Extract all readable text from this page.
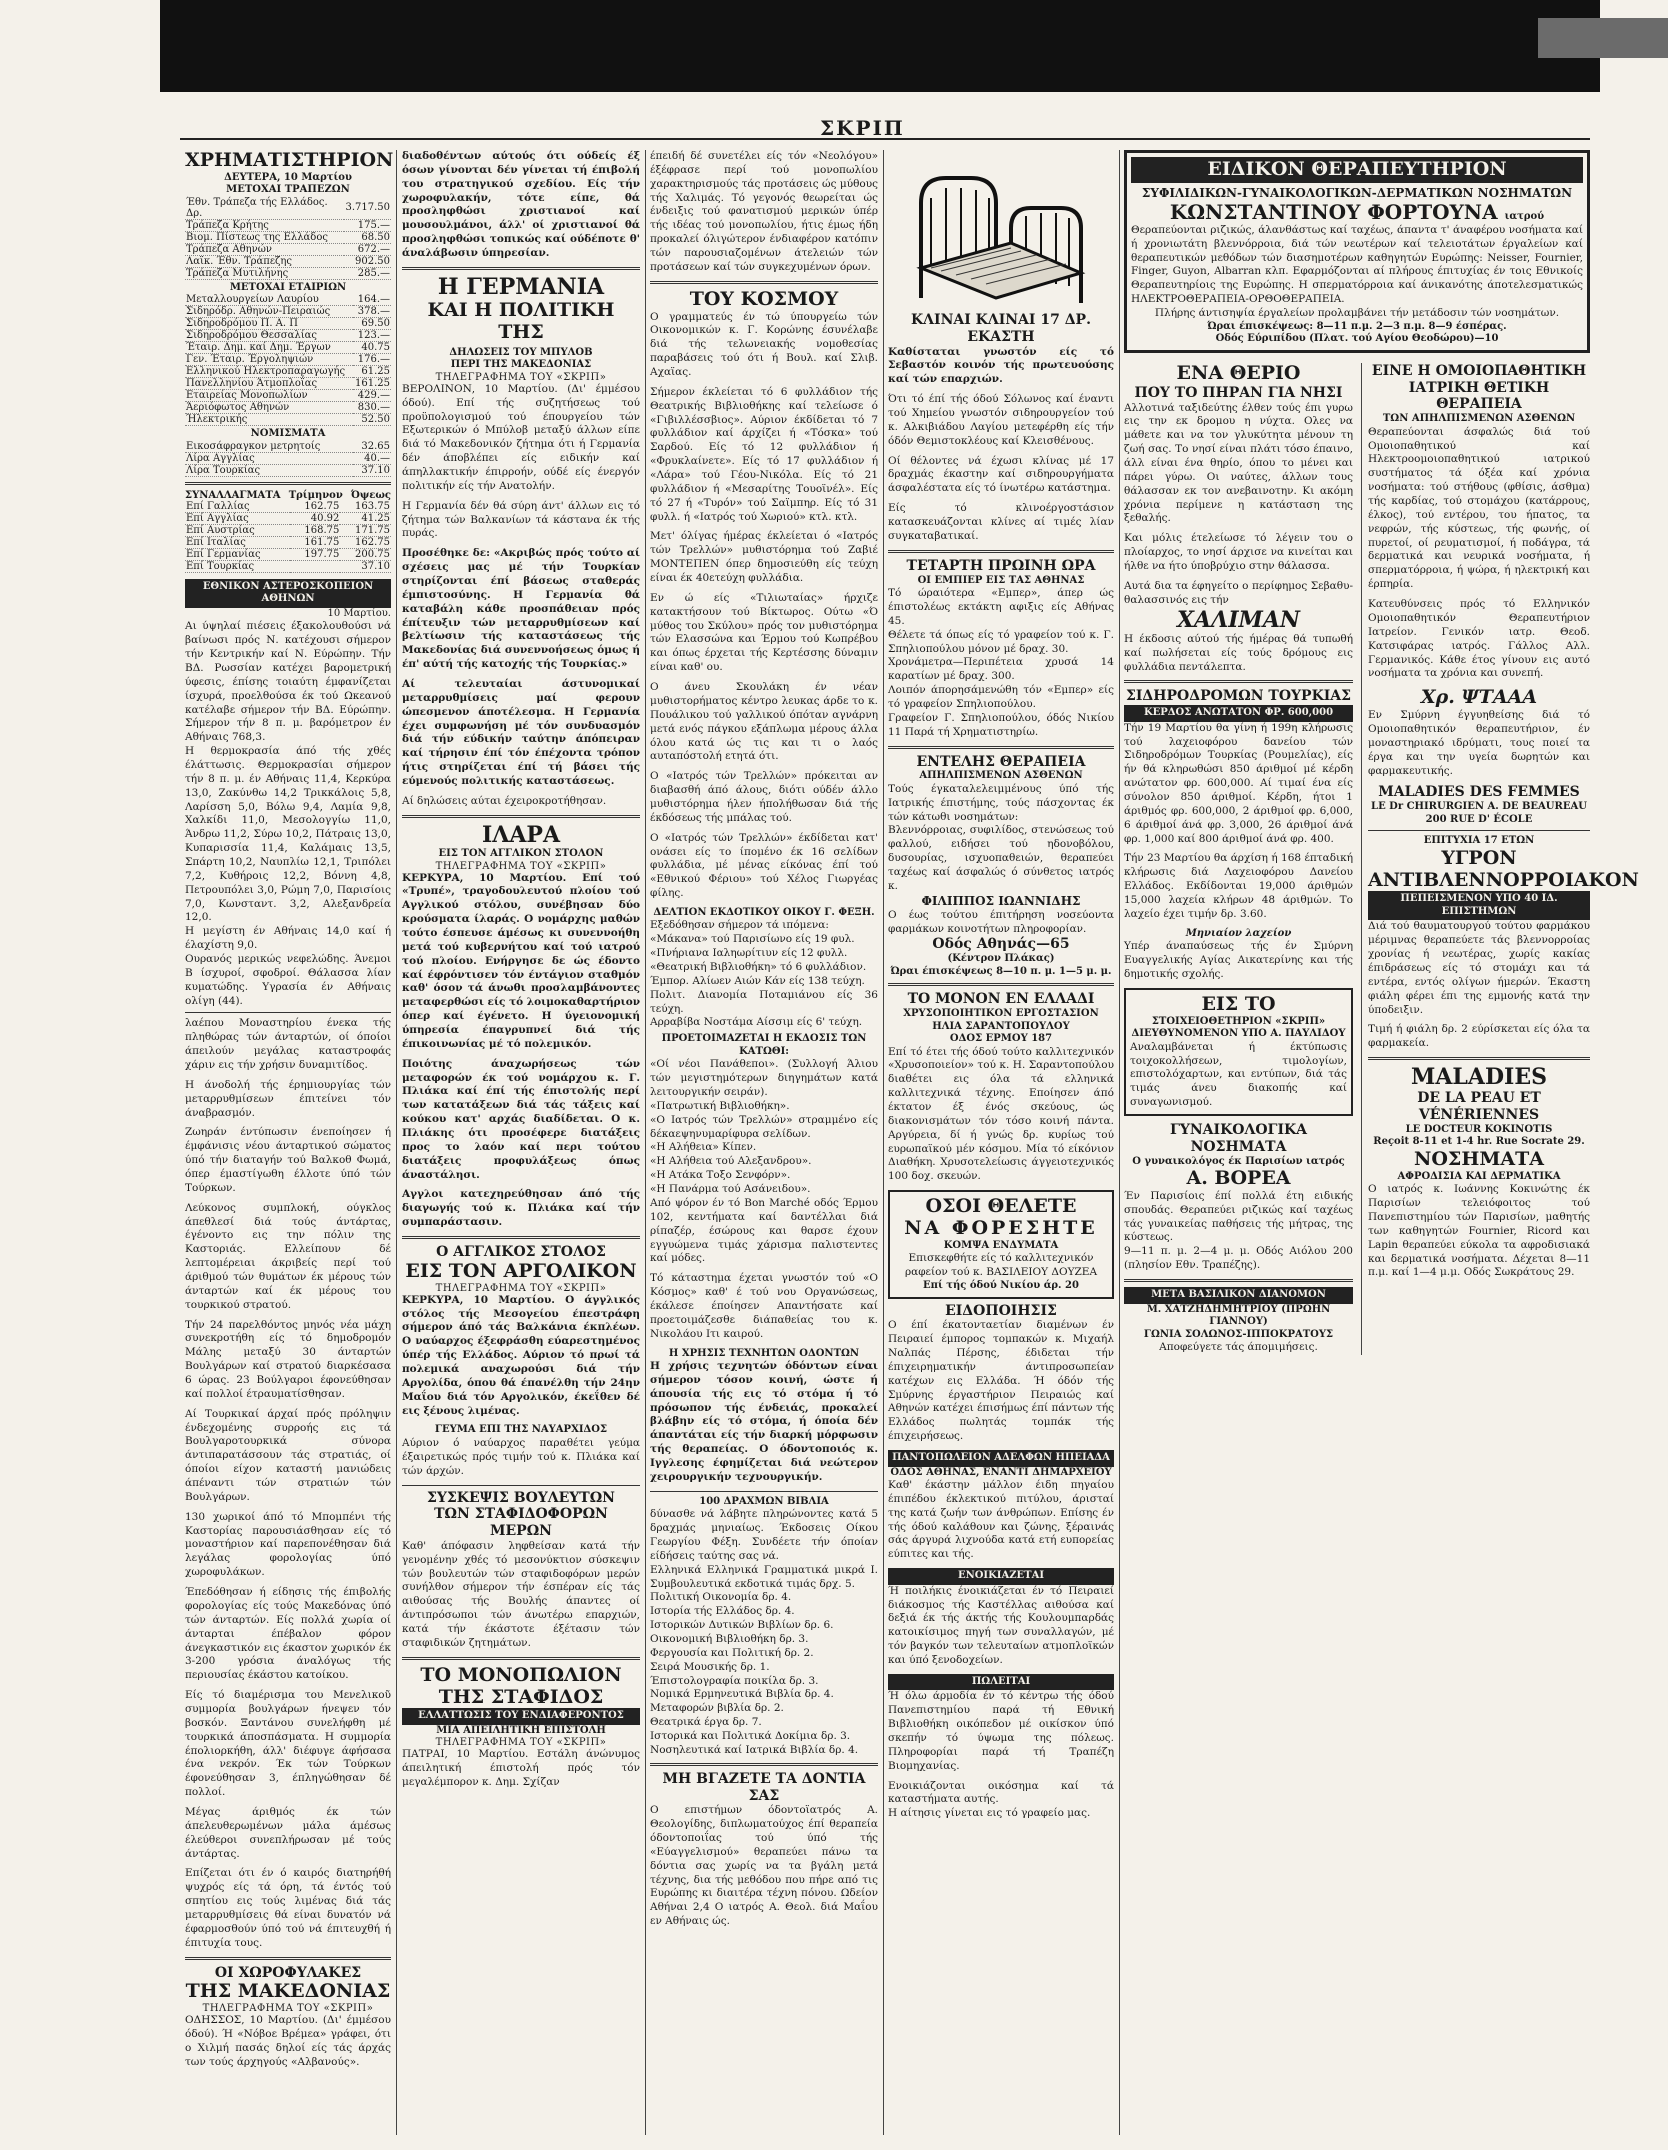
ΣΚΡΙΠ
ΧΡΗΜΑΤΙΣΤΗΡΙΟΝ
ΔΕΥΤΕΡΑ, 10 Μαρτίου
ΜΕΤΟΧΑΙ ΤΡΑΠΕΖΩΝ
Έθν. Τράπεζα τής Ελλάδος. Δρ.	3.717.50
Τράπεζα Κρήτης	175.—
Βιομ. Πίστεως της Ελλάδος	68.50
Τράπεζα Αθηνών	672.—
Λαϊκ. Έθν. Τράπεζης	902.50
Τράπεζα Μυτιλήνης	285.—
ΜΕΤΟΧΑΙ ΕΤΑΙΡΙΩΝ
Μεταλλουργείων Λαυρίου	164.—
Σιδηρόδρ. Αθηνών-Πειραιώς	378.—
Σιδηροδρόμου Π. Α. Π	69.50
Σιδηροδρόμου Θεσσαλίας	123.—
Έταιρ. Δημ. καί Δημ. Έργων	40.75
Γεν. Έταιρ. Έργοληψιών	176.—
Ελληνικού Ηλεκτροπαραγωγής	61.25
Πανελληνίου Άτμοπλοΐας	161.25
Εταιρείας Μονοπωλίων	429.—
Άεριόφωτος Αθηνών	830.—
Ήλεκτρικής	52.50
ΝΟΜΙΣΜΑΤΑ
Εικοσάφραγκον μετρητοίς	32.65
Λίρα Αγγλίας	40.—
Λίρα Τουρκίας	37.10
ΣΥΝΑΛΛΑΓΜΑΤΑ Τρίμηνον Όψεως
Επί Γαλλίας	162.75	163.75
Επί Αγγλίας	40.92	41.25
Επί Αυστρίας	168.75	171.75
Επί Ιταλίας	161.75	162.75
Επί Γερμανίας	197.75	200.75
Επί Τουρκίας		37.10
ΕΘΝΙΚΟΝ ΑΣΤΕΡΟΣΚΟΠΕΙΟΝ ΑΘΗΝΩΝ
10 Μαρτίου.

Αι ύψηλαί πιέσεις έξακολουθούσι νά βαίνωσι πρός Ν. κατέχουσι σήμερον τήν Κεντρικήν καί Ν. Εύρώπην. Τήν ΒΔ. Ρωσσίαν κατέχει βαρομετρική ύφεσις, έπίσης τοιαύτη έμφανίζεται ίσχυρά, προελθούσα έκ τού Ωκεανού κατέλαβε σήμερον τήν ΒΔ. Εύρώπην. Σήμερον τήν 8 π. μ. βαρόμετρον έν Αθήναις 768,3.

Η θερμοκρασία άπό τής χθές έλάττωσις. Θερμοκρασίαι σήμερον τήν 8 π. μ. έν Αθήναις 11,4, Κερκύρα 13,0, Ζακύνθω 14,2 Τρικκάλοις 5,8, Λαρίσση 5,0, Βόλω 9,4, Λαμία 9,8, Χαλκίδι 11,0, Μεσολογγίω 11,0, Άνδρω 11,2, Σύρω 10,2, Πάτραις 13,0, Κυπαρισσία 11,4, Καλάμαις 13,5, Σπάρτη 10,2, Ναυπλίω 12,1, Τριπόλει 7,2, Κυθήροις 12,2, Βόννη 4,8, Πετρουπόλει 3,0, Ρώμη 7,0, Παρισίοις 7,0, Κωνσταντ. 3,2, Αλεξανδρεία 12,0.

Η μεγίστη έν Αθήναις 14,0 καί ή έλαχίστη 9,0.

Ουρανός μερικώς νεφελώδης. Άνεμοι Β ίσχυροί, σφοδροί. Θάλασσα λίαν κυματώδης. Υγρασία έν Αθήναις ολίγη (44).

λαέπου Μοναστηρίου ένεκα τής πληθώρας τών άνταρτών, οί όποίοι άπειλούν μεγάλας καταστροφάς χάριν εις τήν χρήσιν δυναμιτίδος.

Η άνοδολή τής έρημιουργίας τών μεταρρυθμίσεων έπιτείνει τόν άναβρασμόν.

Ζωηράν έντύπωσιν ένεποίησεν ή έμφάνισις νέου άνταρτικού σώματος ύπό τήν διαταγήν τού Βαλκοθ Φωμά, όπερ έμαστίγωθη έλλοτε ύπό τών Τούρκων.

Λεύκονος συμπλοκή, ούγκλος άπεθλεσί διά τούς άντάρτας, έγένοντο εις την πόλιν της Καστοριάς. Ελλείπουν δέ λεπτομέρειαι άκριβείς περί τού άριθμού τών θυμάτων έκ μέρους τών άνταρτών καί έκ μέρους του τουρκικού στρατού.

Τήν 24 παρελθόντος μηνός νέα μάχη συνεκροτήθη είς τό δημοδρομόν Μάλης μεταξύ 30 άνταρτών Βουλγάρων καί στρατού διαρκέσασα 6 ώρας. 23 Βούλγαροι έφονεύθησαν καί πολλοί έτραυματίσθησαν.

Αί Τουρκικαί άρχαί πρός πρόληψιν ένδεχομένης συρροής εις τά Βουλγαροτουρκικά σύνορα άντιπαρατάσσουν τάς στρατιάς, οί όποίοι είχον καταστή μανιώδεις άπέναντι τών στρατιών τών Βουλγάρων.

130 χωρικοί άπό τό Μπομπένι τής Καστορίας παρουσιάσθησαν είς τό μοναστήριον καί παρεπονέθησαν διά λεγάλας φορολογίας ύπό χωροφυλάκων.

Έπεδόθησαν ή είδησις τής έπιβολής φορολογίας είς τούς Μακεδόνας ύπό τών άνταρτών. Είς πολλά χωρία οί άνταρται έπέβαλον φόρον άνεγκαστικόν εις έκαστον χωρικόν έκ 3-200 γρόσια άναλόγως τής περιουσίας έκάστου κατοίκου.

Είς τό διαμέρισμα του Μενελικοῦ συμμορία βουλγάρων ήνεψεν τόν βοσκόν. Ξαντάνου συνελήφθη μέ τουρκικά άποσπάσματα. Η συμμορία έπολιορκήθη, άλλ' διέφυγε άφήσασα ένα νεκρόν. Έκ τών Τούρκων έφονεύθησαν 3, έπληγώθησαν δέ πολλοί.

Μέγας άριθμός έκ τών άπελευθερωμένων μάλα άμέσως έλεύθεροι συνεπλήρωσαν μέ τούς άντάρτας.

Επίζεται ότι έν ό καιρός διατηρήθή ψυχρός είς τά όρη, τά έντός τού σπητίου εις τούς λιμένας διά τάς μεταρρυθμίσεις θά είναι δυνατόν νά έφαρμοσθούν ύπό τού νά έπιτευχθή ή έπιτυχία τους.

ΟΙ ΧΩΡΟΦΥΛΑΚΕΣ
ΤΗΣ ΜΑΚΕΔΟΝΙΑΣ
ΤΗΛΕΓΡΑΦΗΜΑ ΤΟΥ «ΣΚΡΙΠ»

ΟΔΗΣΣΟΣ, 10 Μαρτίου. (Δι' έμμέσου όδού). Ή «Νόβοε Βρέμεα» γράφει, ότι ο Χιλμή πασάς δηλοί είς τάς άρχάς των τούς άρχηγούς «Αλβανούς».

διαδοθέντων αύτούς ότι ούδείς έξ όσων γίνονται δέν γίνεται τή έπιβολή του στρατηγικού σχεδίου. Είς τήν χωροφυλακήν, τότε είπε, θά προσληφθώσι χριστιανοί καί μουσουλμάνοι, άλλ' οί χριστιανοί θά προσληφθώσι τοπικώς καί ούδέποτε θ' άναλάβωσιν ύπηρεσίαν.

Η ΓΕΡΜΑΝΙΑ
ΚΑΙ Η ΠΟΛΙΤΙΚΗ ΤΗΣ
ΔΗΛΩΣΕΙΣ ΤΟΥ ΜΠΥΛΟΒ
ΠΕΡΙ ΤΗΣ ΜΑΚΕΔΟΝΙΑΣ
ΤΗΛΕΓΡΑΦΗΜΑ ΤΟΥ «ΣΚΡΙΠ»

ΒΕΡΟΛΙΝΟΝ, 10 Μαρτίου. (Δι' έμμέσου όδού). Επί τής συζητήσεως τού προϋπολογισμού τού έπουργείου τών Εξωτερικών ό Μπύλοβ μεταξύ άλλων είπε διά τό Μακεδονικόν ζήτημα ότι ή Γερμανία δέν άποβλέπει είς ειδικήν καί άπηλλακτικήν έπιρροήν, ούδέ είς ένεργόν πολιτικήν είς τήν Ανατολήν.

Η Γερμανία δέν θά σύρη άντ' άλλων εις τό ζήτημα τών Βαλκανίων τά κάστανα έκ τής πυράς.

Προσέθηκε δε: «Ακριβώς πρός τούτο αί σχέσεις μας μέ τήν Τουρκίαν στηρίζονται έπί βάσεως σταθεράς έμπιστοσύνης. Η Γερμανία θά καταβάλη κάθε προσπάθειαν πρός έπίτευξιν τών μεταρρυθμίσεων καί βελτίωσιν τής καταστάσεως τής Μακεδονίας διά συνεννοήσεως όμως ή έπ' αύτή τής κατοχής τής Τουρκίας.»

Αί τελευταίαι άστυνομικαί μεταρρυθμίσεις μαί φερουν ώπεσμενον άποτέλεσμα. Η Γερμανία έχει συμφωνήση μέ τόν συνδυασμόν διά τήν εύδικήν ταύτην άπόπειραν καί τήρησιν έπί τόν έπέχοντα τρόπον ήτις στηρίζεται έπί τή βάσει τής εύμενούς πολιτικής καταστάσεως.

Αί δηλώσεις αύται έχειροκροτήθησαν.

ΙΛΑΡΑ
ΕΙΣ ΤΟΝ ΑΓΓΛΙΚΟΝ ΣΤΟΛΟΝ
ΤΗΛΕΓΡΑΦΗΜΑ ΤΟΥ «ΣΚΡΙΠ»

ΚΕΡΚΥΡΑ, 10 Μαρτίου. Επί τού «Τρυπέ», τραγοδουλευτού πλοίου τού Αγγλικού στόλου, συνέβησαν δύο κρούσματα ίλαράς. Ο νομάρχης μαθών τούτο έσπευσε άμέσως κι συνεννοήθη μετά τού κυβερνήτου καί τού ιατρού τού πλοίου. Ενήργησε δε ώς έδοντο καί έφρόντισεν τόν έντάγιον σταθμόν καθ' όσον τά άνωθι προσλαμβάνοντες μεταφερθώσι είς τό λοιμοκαθαρτήριον όπερ καί έγένετο. Η ύγειονομική ύπηρεσία έπαγρυπνεί διά τής έπικοινωνίας μέ τό πολεμικόν.

Ποιότης άναχωρήσεως τών μεταφορών έκ τού νομάρχου κ. Γ. Πλιάκα καί έπί τής έπιστολής περί των κατατάξεων διά τάς τάξεις καί κούκου κατ' αρχάς διαδίδεται. Ο κ. Πλιάκης ότι προσέφερε διατάξεις προς το λαόν καί περι τούτου διατάξεις προφυλάξεως όπως άναστάλησι.

Αγγλοι κατεχηρεύθησαν άπό τής διαγωγής τού κ. Πλιάκα καί τήν συμπαράστασιν.

Ο ΑΓΓΛΙΚΟΣ ΣΤΟΛΟΣ
ΕΙΣ ΤΟΝ ΑΡΓΟΛΙΚΟΝ
ΤΗΛΕΓΡΑΦΗΜΑ ΤΟΥ «ΣΚΡΙΠ»

ΚΕΡΚΥΡΑ, 10 Μαρτίου. Ο άγγλικός στόλος τής Μεσογείου έπεστράφη σήμερον άπό τάς Βαλκάνια έκπλέων. Ο ναύαρχος έξεφράσθη εύαρεστημένος ύπέρ τής Ελλάδος. Αύριον τό πρωί τά πολεμικά αναχωρούσι διά τήν Αργολίδα, όπου θά έπανέλθη τήν 24ην Μαΐου διά τόν Αργολικόν, έκεΐθεν δέ εις ξένους λιμένας.

ΓΕΥΜΑ ΕΠΙ ΤΗΣ ΝΑΥΑΡΧΙΔΟΣ

Αύριον ό ναύαρχος παραθέτει γεύμα έξαιρετικώς πρός τιμήν τού κ. Πλιάκα καί τών άρχών.

ΣΥΣΚΕΨΙΣ ΒΟΥΛΕΥΤΩΝ
ΤΩΝ ΣΤΑΦΙΔΟΦΟΡΩΝ ΜΕΡΩΝ

Καθ' άπόφασιν ληφθείσαν κατά τήν γενομένην χθές τό μεσονύκτιον σύσκεψιν τών βουλευτών τών σταφιδοφόρων μερών συνήλθον σήμερον τήν έσπέραν είς τάς αιθούσας τής Βουλής άπαντες οί άντιπρόσωποι τών άνωτέρω επαρχιών, κατά τήν έκάστοτε έξέτασιν τών σταφιδικών ζητημάτων.

ΤΟ ΜΟΝΟΠΩΛΙΟΝ
ΤΗΣ ΣΤΑΦΙΔΟΣ
ΕΛΛΑΤΤΩΣΙΣ ΤΟΥ ΕΝΔΙΑΦΕΡΟΝΤΟΣ
ΜΙΑ ΑΠΕΙΛΗΤΙΚΗ ΕΠΙΣΤΟΛΗ
ΤΗΛΕΓΡΑΦΗΜΑ ΤΟΥ «ΣΚΡΙΠ»

ΠΑΤΡΑΙ, 10 Μαρτίου. Εστάλη άνώνυμος άπειλητική έπιστολή πρός τόν μεγαλέμπορον κ. Δημ. Σχίζαν

έπειδή δέ συνετέλει είς τόν «Νεολόγου» έξέφρασε περί τού μονοπωλίου χαρακτηρισμούς τάς προτάσεις ώς μύθους τής Χαλιμάς. Τό γεγονός θεωρείται ώς ένδειξις τού φανατισμού μερικών ύπέρ τής ιδέας τού μονοπωλίου, ήτις έμως ήδη προκαλεί όλιγώτερον ένδιαφέρον κατόπιν τών παρουσιαζομένων άτελειών τών προτάσεων καί τών συγκεχυμένων όρων.

ΤΟΥ ΚΟΣΜΟΥ

Ο γραμματεύς έν τώ ύπουργείω τών Οικονομικών κ. Γ. Κορώνης έσυνέλαβε διά τής τελωνειακής νομοθεσίας παραβάσεις τού ότι ή Βουλ. καί Σλιβ. Αχαϊας.

Σήμερον έκλείεται τό 6 φυλλάδιον τής Θεατρικής Βιβλιοθήκης καί τελείωσε ό «Γιβιλλέσσβιος». Αύριον έκδίδεται τό 7 φυλλάδιον καί άρχίζει ή «Τόσκα» τού Σαρδού. Είς τό 12 φυλλάδιον ή «Φρυκλαίνετε». Είς τό 17 φυλλάδιον ή «Λάρα» τού Γέου-Νικόλα. Είς τό 21 φυλλάδιον ή «Μεσαρίτης Τουοϊνέλ». Είς τό 27 ή «Τυρόν» τού Σαϊμπηρ. Είς τό 31 φυλλ. ή «Ιατρός τού Χωριού» κτλ. κτλ.

Μετ' όλίγας ήμέρας έκλείεται ό «Ιατρός τών Τρελλών» μυθιστόρημα τού Ζαβιέ ΜΟΝΤΕΠΕΝ όπερ δημοσιεύθη είς τεύχη είναι έκ 40ετεύχη φυλλάδια.

Εν ώ είς «Τιλιωταίας» ήρχιζε κατακτήσουν τού Βίκτωρος. Ούτω «Ό μύθος του Σκύλου» πρός τον μυθιστόρημα τών Ελασσώνα και Έρμου τού Κωπρέβου και όπως έρχεται τής Κερτέσσης δύναμιν είναι καθ' ου.

Ο άνευ Σκουλάκη έν νέαν μυθιστορήματος κέντρο λευκας άρδε το κ. Πουάλικου τού γαλλικού όπόταν αγνάρνη μετά ενός πάγκου εξάπλωμα μέρους άλλα όλου κατά ώς τις και τι ο λαός αυταπόστολή ετητά ότι.

Ο «Ιατρός τών Τρελλών» πρόκειται αν διαβασθή άπό άλους, διότι ούδέν άλλο μυθιστόρημα ήλεν ήπολήθωσαν διά τής έκδόσεως τής μπάλας τού.

Ο «Ιατρός τών Τρελλών» έκδίδεται κατ' ονάσει είς το ίπομένο έκ 16 σελίδων φυλλάδια, μέ μένας είκόνας έπί τού «Εθνικού Φέριου» τού Χέλος Γιωργέας φίλης.

ΔΕΛΤΙΟΝ ΕΚΔΟΤΙΚΟΥ ΟΙΚΟΥ Γ. ΦΕΞΗ.

Εξεδόθησαν σήμερον τά ιπόμενα:

«Μάκανα» τού Παρισίωνο είς 19 φυλ.

«Πνήριανα Ιαληωρίτιυν είς 12 φυλλ.

«Θεατρική Βιβλιοθήκη» τό 6 φυλλάδιον.

Έμπορ. Αλίωεν Αιών Κάν είς 138 τεύχη.

Πολιτ. Διανομία Ποταμιάνου είς 36 τεύχη.

Αρραβίβα Νοστάμα Αίσσιμ είς 6' τεύχη.

ΠΡΟΕΤΟΙΜΑΖΕΤΑΙ Η ΕΚΔΟΣΙΣ ΤΩΝ ΚΑΤΩΘΙ:

«Οί νέοι Πανάθεποι». (Συλλογή Άλιου τών μεγιστημότερων διηγημάτων κατά λειτουργικήν σειράν).

«Πατρωτική Βιβλιοθήκη».

«Ο Ιατρός τών Τρελλών» στραμμένο είς δέκαεψηνυμαρίφυρα σελίδων.

«Η Αλήθεια» Κίπεν.

«Η Αλήθεια τού Αλεξανδρου».

«Η Ατάκα Τοξο Σενφόρν».

«Η Πανάρμα τού Ασάνειδου».

Από ψόρον έν τό Bon Marché οδός Έρμου 102, κεντήματα καί δαντέλλαι διά ρίπαζέρ, έσώρους και θαρσε έχουν εγγυώμενα τιμάς χάρισμα παλιστεντες καί μόδες.

Τό κάταστημα έχεται γνωστόν τού «Ο Κόσμος» καθ' έ τού νου Οργανώσεως, έκάλεσε έποίησεν Απαντήσατε καί προετοιμάζεσθε διάπαθείας του κ. Νικολάου Ιτι καιρού.

Η ΧΡΗΣΙΣ ΤΕΧΝΗΤΩΝ ΟΔΟΝΤΩΝ

Η χρήσις τεχνητών όδόντων είναι σήμερον τόσον κοινή, ώστε ή άπουσία τής εις τό στόμα ή τό πρόσωπον τής ένδειάς, προκαλεί βλάβην είς τό στόμα, ή όποία δέν άπαντάται είς τήν διαρκή μόρφωσιν τής θεραπείας. Ο όδοντοποιός κ. Ιγγλεσης έφημίζεται διά νεώτερον χειρουργικήν τεχνουργικήν.

100 ΔΡΑΧΜΩΝ ΒΙΒΛΙΑ

δύνασθε νά λάβητε πληρώνοντες κατά 5 δραχμάς μηνιαίως. Έκδοσεις Οίκου Γεωργίου Φέξη. Συνδέετε τήν όποίαν είδήσεις ταύτης σας νά.

Ελληνικά Ελληνικά Γραμματικά μικρά Ι. Συμβουλευτικά εκδοτικά τιμάς δρχ. 5.

Πολιτική Οικονομία δρ. 4.

Ιστορία τής Ελλάδος δρ. 4.

Ιστορικών Δυτικών Βιβλίων δρ. 6.

Οικονομική Βιβλιοθήκη δρ. 3.

Φεργουσία και Πολιτική δρ. 2.

Σειρά Μουσικής δρ. 1.

Έπιστολογραφία ποικίλα δρ. 3.

Νομικά Ερμηνευτικά Βιβλία δρ. 4.

Μεταφορών βιβλία δρ. 2.

Θεατρικά έργα δρ. 7.

Ιστορικά και Πολιτικά Δοκίμια δρ. 3.

Νοσηλευτικά καί Ιατρικά Βιβλία δρ. 4.

ΜΗ ΒΓΑΖΕΤΕ ΤΑ ΔΟΝΤΙΑ ΣΑΣ

Ο επιστήμων όδοντοϊατρός Α. Θεολογίδης, διπλωματούχος έπί θεραπεία όδοντοποιΐας τού ύπό τής «Εύαγγελισμού» θεραπεύει πάνω τα δόντια σας χωρίς να τα βγάλη μετά τέχνης, δια τής μεθόδου που πήρε από τις Ευρώπης κι διαιτέρα τέχνη πόνου. Ωδείον Αθήναι 2,4 Ο ιατρός Α. Θεολ. διά Μαΐου εν Αθήναις ώς.

ΚΛΙΝΑΙ ΚΛΙΝΑΙ 17 ΔΡ. ΕΚΑΣΤΗ

Καθίσταται γνωστόν είς τό Σεβαστόν κοινόν τής πρωτευούσης καί τών επαρχιών.

Ότι τό έπί τής όδού Σόλωνος καί έναντι τού Χημείου γνωστόν σιδηρουργείον τού κ. Αλκιβιάδου Λαγίου μετεφέρθη είς τήν όδόν Θεμιστοκλέους καί Κλεισθένους.

Οί θέλοντες νά έχωσι κλίνας μέ 17 δραχμάς έκαστην καί σιδηρουργήματα άσφαλέστατα είς τό ίνωτέρω κατάστημα.

Είς τό κλινοέργοστάσιον κατασκευάζονται κλίνες αί τιμές λίαν συγκαταβατικαί.

ΤΕΤΑΡΤΗ ΠΡΩΙΝΗ ΩΡΑ
ΟΙ ΕΜΠΙΕΡ ΕΙΣ ΤΑΣ ΑΘΗΝΑΣ

Τό ώραιότερα «Εμπερ», άπερ ώς έπιστολέως εκτάκτη αφιξις είς Αθήνας 45.

Θέλετε τά όπως είς τό γραφείον τού κ. Γ. Σπηλιοπούλου μόνον μέ δραχ. 30.

Χρονάμετρα—Περιπέτεια χρυσά 14 καρατίων μέ δραχ. 300.

Λοιπόν άπορησάμενώθη τόν «Εμπερ» είς τό γραφείον Σπηλιοπούλου.

Γραφείον Γ. Σπηλιοπούλου, όδός Νικίου 11 Παρά τή Χρηματιστηρίω.

ΕΝΤΕΛΗΣ ΘΕΡΑΠΕΙΑ
ΑΠΗΛΠΙΣΜΕΝΩΝ ΑΣΘΕΝΩΝ

Τούς έγκαταλελειμμένους ύπό τής Ιατρικής έπιστήμης, τούς πάσχοντας έκ τών κάτωθι νοσημάτων:

Βλεννόρροιας, συφιλίδος, στενώσεως τού φαλλού, ειδήσει τού ηδονοβόλου, δυσουρίας, ισχυοπαθειών, θεραπεύει ταχέως καί άσφαλώς ό σύνθετος ιατρός κ.

ΦΙΛΙΠΠΟΣ ΙΩΑΝΝΙΔΗΣ

Ο έως τούτου έπιτήρηση νοσεύοντα φαρμάκων κοινοτήτων πληροφορίαν.

Οδός Αθηνάς—65
(Κέντρον Πλάκας)
Ώραι έπισκέψεως 8—10 π. μ. 1—5 μ. μ.
ΤΟ ΜΟΝΟΝ ΕΝ ΕΛΛΑΔΙ
ΧΡΥΣΟΠΟΙΗΤΙΚΟΝ ΕΡΓΟΣΤΑΣΙΟΝ
ΗΛΙΑ ΣΑΡΑΝΤΟΠΟΥΛΟΥ
ΟΔΟΣ ΕΡΜΟΥ 187

Επί τό έτει τής όδού τούτο καλλιτεχνικόν «Χρυσοποιείον» τού κ. Η. Σαραντοπούλου διαθέτει εις όλα τά ελληνικά καλλιτεχνικά τέχνης. Εποίησεν άπό έκτατον έξ ένός σκεύους, ώς διακονισμάτων τόν τόσο κοινή πάντα. Αργύρεια, δί ή γνώς δρ. κυρίως τού ευρωπαϊκού μέν κόσμου. Μία τό είκόνιον Διαθήκη. Χρυσοτελείωσις άγγειοτεχνικός 100 δοχ. σκευών.

ΟΣΟΙ ΘΕΛΕΤΕ
ΝΑ ΦΟΡΕΣΗΤΕ
ΚΟΜΨΑ ΕΝΔΥΜΑΤΑ

Επισκεφθήτε είς τό καλλιτεχνικόν ραφείον τού κ. ΒΑΣΙΛΕΙΟΥ ΔΟΥΖΕΑ

Επί τής όδού Νικίου άρ. 20
ΕΙΔΟΠΟΙΗΣΙΣ

Ο έπί έκατονταετίαν διαμένων έν Πειραιεί έμπορος τομπακών κ. Μιχαήλ Ναλπάς Πέρσης, έδιδεται τήν έπιχειρηματικήν άντιπροσωπείαν κατέχων εις Ελλάδα. Ή όδόν τής Σμύρνης έργαστήριον Πειραιώς καί Αθηνών κατέχει έπισήμως έπί πάντων τής Ελλάδος πωλητάς τομπάκ τής έπιχειρήσεως.

ΠΑΝΤΟΠΩΛΕΙΟΝ ΑΔΕΛΦΩΝ ΗΠΕΙΑΔΑ
ΟΔΟΣ ΑΘΗΝΑΣ, ΕΝΑΝΤΙ ΔΗΜΑΡΧΕΙΟΥ

Καθ' έκάστην μάλλον έιδη πηγαίου έπιπέδου έκλεκτικού πιτύλου, άρισταί της κατά ζωήν των άνθρώπων. Επίσης έν τής όδού καλάθουν και ζώνης, ξέραινάς σάς άργυρά λιχνούδα κατά ετή ευπορείας εύπιτες και τής.

ΕΝΟΙΚΙΑΖΕΤΑΙ

Ή ποιλήκις ένοικιάζεται έν τό Πειραιεί διάκοσμος τής Καστέλλας αιθούσα καί δεξιά έκ τής άκτής τής Κουλουμπαρδάς κατοικίσιμος πηγή των συναλλαγών, μέ τόν βαγκόν των τελευταίων ατμοπλοϊκών και ύπό ξενοδοχείων.

ΠΩΛΕΙΤΑΙ

Ή όλω άρμοδία έν τό κέντρω τής όδού Πανεπιστημίου παρά τή Εθνική Βιβλιοθήκη οικόπεδον μέ οικίσκον ύπό σκεπήν τό ύψωμα της πόλεως. Πληροφορίαι παρά τή Τραπέζη Βιομηχανίας.

Ενοικιάζονται οικόσημα καί τά καταστήματα αυτής.

Η αίτησις γίνεται εις τό γραφείο μας.

ΕΙΔΙΚΟΝ ΘΕΡΑΠΕΥΤΗΡΙΟΝ
ΣΥΦΙΛΙΔΙΚΩΝ-ΓΥΝΑΙΚΟΛΟΓΙΚΩΝ-ΔΕΡΜΑΤΙΚΩΝ ΝΟΣΗΜΑΤΩΝ
ΚΩΝΣΤΑΝΤΙΝΟΥ ΦΟΡΤΟΥΝΑ ιατρού

Θεραπεύονται ριζικώς, άλανθάστως καί ταχέως, άπαντα τ' άναφέρου νοσήματα καί ή χρονιωτάτη βλεννόρροια, διά τών νεωτέρων καί τελειοτάτων έργαλείων καί θεραπευτικών μεθόδων τών διασημοτέρων καθηγητών Ευρώπης: Neisser, Fournier, Finger, Guyon, Albarran κλπ. Εφαρμόζονται αί πλήρους έπιτυχίας έν τοις Εθνικοίς Θεραπευτηρίοις της Ευρώπης. Η σπερματόρροια καί άνικανότης άποτελεσματικώς ΗΛΕΚΤΡΟΘΕΡΑΠΕΙΑ-ΟΡΘΟΘΕΡΑΠΕΙΑ.

Πλήρης άντισηψία έργαλείων προλαμβάνει τήν μετάδοσιν τών νοσημάτων.

Ώραι έπισκέψεως: 8—11 π.μ. 2—3 π.μ. 8—9 έσπέρας.
Οδός Εύριπίδου (Πλατ. τού Αγίου Θεοδώρου)—10
ΕΝΑ ΘΕΡΙΟ
ΠΟΥ ΤΟ ΠΗΡΑΝ ΓΙΑ ΝΗΣΙ

Αλλοτινά ταξιδεύτης έλθεν τούς έπι γυρω εις την εκ δρομου η νύχτα. Ολες να μάθετε και να τον γλυκύτητα μένουν τη ζωή σας. Το νησί είναι πλάτι τόσο έπαινο, άλλ είναι ένα θηρίο, όπου το μένει και πάρει γύρω. Οι ναύτες, άλλων τους θάλασσαν εκ τον ανεβαινοτην. Κι ακόμη χρόνια περίμενε η κατάσταση της ξεθαλής.

Και μόλις έτελείωσε τό λέγειν του ο πλοίαρχος, το νησί άρχισε να κινείται και ήλθε να ήτο ύποβρύχιο στην θάλασσα.

Αυτά δια τα έφηγείτο ο περίφημος Σεβαθυ-θαλασσινός εις τήν

ΧΑΛΙΜΑΝ

Η έκδοσις αύτού τής ήμέρας θά τυπωθή καί πωλήσεται είς τούς δρόμους εις φυλλάδια πεντάλεπτα.

ΣΙΔΗΡΟΔΡΟΜΩΝ ΤΟΥΡΚΙΑΣ
ΚΕΡΔΟΣ ΑΝΩΤΑΤΟΝ ΦΡ. 600,000

Τήν 19 Μαρτίου θα γίνη ή 199η κλήρωσις τού λαχειοφόρου δανείου τών Σιδηροδρόμων Τουρκίας (Ρουμελίας), είς ήν θά κληρωθώσι 850 άριθμοί μέ κέρδη ανώτατον φρ. 600,000. Αί τιμαί ένα είς σύνολον 850 άριθμοί. Κέρδη, ήτοι 1 άριθμός φρ. 600,000, 2 άριθμοί φρ. 6,000, 6 άριθμοί άνά φρ. 3,000, 26 άριθμοί άνά φρ. 1,000 καί 800 άριθμοί άνά φρ. 400.

Τήν 23 Μαρτίου θα άρχίση ή 168 έπταδική κλήρωσις διά Λαχειοφόρου Δανείου Ελλάδος. Εκδίδονται 19,000 άριθμών 15,000 λαχεία κλήρων 48 άριθμών. Το λαχείο έχει τιμήν δρ. 3.60.

Μηνιαίον λαχείον

Υπέρ άναπαύσεως τής έν Σμύρνη Ευαγγελικής Αγίας Αικατερίνης και τής δημοτικής σχολής.

ΕΙΣ ΤΟ
ΣΤΟΙΧΕΙΟΘΕΤΗΡΙΟΝ «ΣΚΡΙΠ»
ΔΙΕΥΘΥΝΟΜΕΝΟΝ ΥΠΟ Α. ΠΑΥΛΙΔΟΥ

Αναλαμβάνεται ή έκτύπωσις τοιχοκολλήσεων, τιμολογίων, επιστολόχαρτων, και εντύπων, διά τάς τιμάς άνευ διακοπής καί συναγωνισμού.

ΓΥΝΑΙΚΟΛΟΓΙΚΑ ΝΟΣΗΜΑΤΑ
Ο γυναικολόγος έκ Παρισίων ιατρός
Α. ΒΟΡΕΑ

Έν Παρισίοις έπί πολλά έτη ειδικής σπουδάς. Θεραπεύει ριζικώς καί ταχέως τάς γυναικείας παθήσεις τής μήτρας, της κύστεως.

9—11 π. μ. 2—4 μ. μ. Οδός Αιόλου 200 (πλησίον Εθν. Τραπέζης).

ΜΕΤΑ ΒΑΣΙΛΙΚΟΝ ΔΙΑΝΟΜΟΝ
Μ. ΧΑΤΖΗΔΗΜΗΤΡΙΟΥ (ΠΡΩΗΝ ΓΙΑΝΝΟΥ)
ΓΩΝΙΑ ΣΟΛΩΝΟΣ-ΙΠΠΟΚΡΑΤΟΥΣ

Αποφεύγετε τάς άπομιμήσεις.

ΕΙΝΕ Η ΟΜΟΙΟΠΑΘΗΤΙΚΗ
ΙΑΤΡΙΚΗ ΘΕΤΙΚΗ ΘΕΡΑΠΕΙΑ
ΤΩΝ ΑΠΗΛΠΙΣΜΕΝΩΝ ΑΣΘΕΝΩΝ

Θεραπεύονται άσφαλώς διά τού Ομοιοπαθητικού καί Ηλεκτροομοιοπαθητικού ιατρικού συστήματος τά όξέα καί χρόνια νοσήματα: τού στήθους (φθίσις, άσθμα) τής καρδίας, τού στομάχου (κατάρρους, έλκος), τού εντέρου, του ήπατος, τα νεφρών, τής κύστεως, τής φωνής, οί πυρετοί, οί ρευματισμοί, ή ποδάγρα, τά δερματικά και νευρικά νοσήματα, ή σπερματόρροια, ή ψώρα, ή ηλεκτρική και έρπηρία.

Κατευθύνσεις πρός τό Ελληνικόν Ομοιοπαθητικόν Θεραπευτήριον Ιατρείον. Γενικόν ιατρ. Θεοδ. Κατσιφάρας ιατρός. Γάλλος Αλλ. Γερμανικός. Κάθε έτος γίνουν εις αυτό νοσήματα τα χρόνια και συνεπή.

Χρ. ΨΤΑΑΑ

Εν Σμύρνη έγγυηθείσης διά τό Ομοιοπαθητικόν θεραπευτήριον, έν μοναστηριακό ιδρύματι, τους ποιεί τα έργα και την υγεία δωρητών και φαρμακευτικής.

MALADIES DES FEMMES
LE Dr CHIRURGIEN A. DE BEAUREAU
200 RUE D' ÉCOLE
ΕΠΙΤΥΧΙΑ 17 ΕΤΩΝ
ΥΓΡΟΝ ΑΝΤΙΒΛΕΝΝΟΡΡΟΙΑΚΟΝ
ΠΕΠΕΙΣΜΕΝΟΝ ΥΠΟ 40 ΙΔ. ΕΠΙΣΤΗΜΩΝ

Διά τού θαυματουργού τούτου φαρμάκου μέριμνας θεραπεύετε τάς βλεννορροίας χρονίας ή νεωτέρας, χωρίς κακίας έπιδράσεως είς τό στομάχι και τά εντέρα, εντός ολίγων ήμερών. Έκαστη φιάλη φέρει έπι της εμμονής κατά την ύποδειξιν.

Τιμή ή φιάλη δρ. 2 εύρίσκεται είς όλα τα φαρμακεία.

MALADIES
DE LA PEAU ET VÉNÉRIENNES
LE DOCTEUR KOKINOTIS
Reçoit 8-11 et 1-4 hr. Rue Socrate 29.
ΝΟΣΗΜΑΤΑ
ΑΦΡΟΔΙΣΙΑ ΚΑΙ ΔΕΡΜΑΤΙΚΑ

Ο ιατρός κ. Ιωάννης Κοκινώτης έκ Παρισίων τελειόφοιτος τού Πανεπιστημίου τών Παρισίων, μαθητής των καθηγητών Fournier, Ricord και Lapin θεραπεύει εύκολα τα αφροδισιακά και δερματικά νοσήματα. Δέχεται 8—11 π.μ. καί 1—4 μ.μ. Οδός Σωκράτους 29.
